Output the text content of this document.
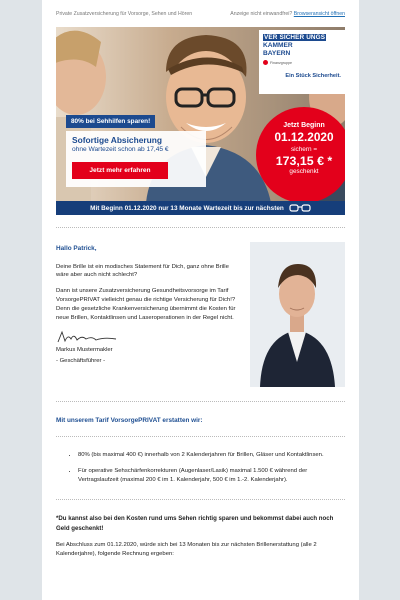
Private Zusatzversicherung für Vorsorge, Sehen und Hören	Anzeige nicht einwandfrei? Browseransicht öffnen
VER SICHER UNGS
KAMMER
BAYERN
Finanzgruppe
Ein Stück Sicherheit.
80% bei Sehhilfen sparen!
Sofortige Absicherung
ohne Wartezeit schon ab 17,45 €
Jetzt mehr erfahren
Jetzt Beginn
01.12.2020
sichern =
173,15 € *
geschenkt
Mit Beginn 01.12.2020 nur 13 Monate Wartezeit bis zur nächsten
Hallo Patrick,

Deine Brille ist ein modisches Statement für Dich, ganz ohne Brille wäre aber auch nicht schlecht?

Dann ist unsere Zusatzversicherung Gesundheitsvorsorge im Tarif VorsorgePRIVAT vielleicht genau die richtige Versicherung für Dich!? Denn die gesetzliche Krankenversicherung übernimmt die Kosten für neue Brillen, Kontaktlinsen und Laseroperationen in der Regel nicht.

Markus Mustermakler
- Geschäftsführer -
Mit unserem Tarif VorsorgePRIVAT erstatten wir:
• 80% (bis maximal 400 €) innerhalb von 2 Kalenderjahren für Brillen, Gläser und Kontaktlinsen.
• Für operative Sehschärfenkorrekturen (Augenlaser/Lasik) maximal 1.500 € während der Vertragslaufzeit (maximal 200 € im 1. Kalenderjahr, 500 € im 1.-2. Kalenderjahr).

*Du kannst also bei den Kosten rund ums Sehen richtig sparen und bekommst dabei auch noch Geld geschenkt!

Bei Abschluss zum 01.12.2020, würde sich bei 13 Monaten bis zur nächsten Brillenerstattung (alle 2 Kalenderjahre), folgende Rechnung ergeben:
